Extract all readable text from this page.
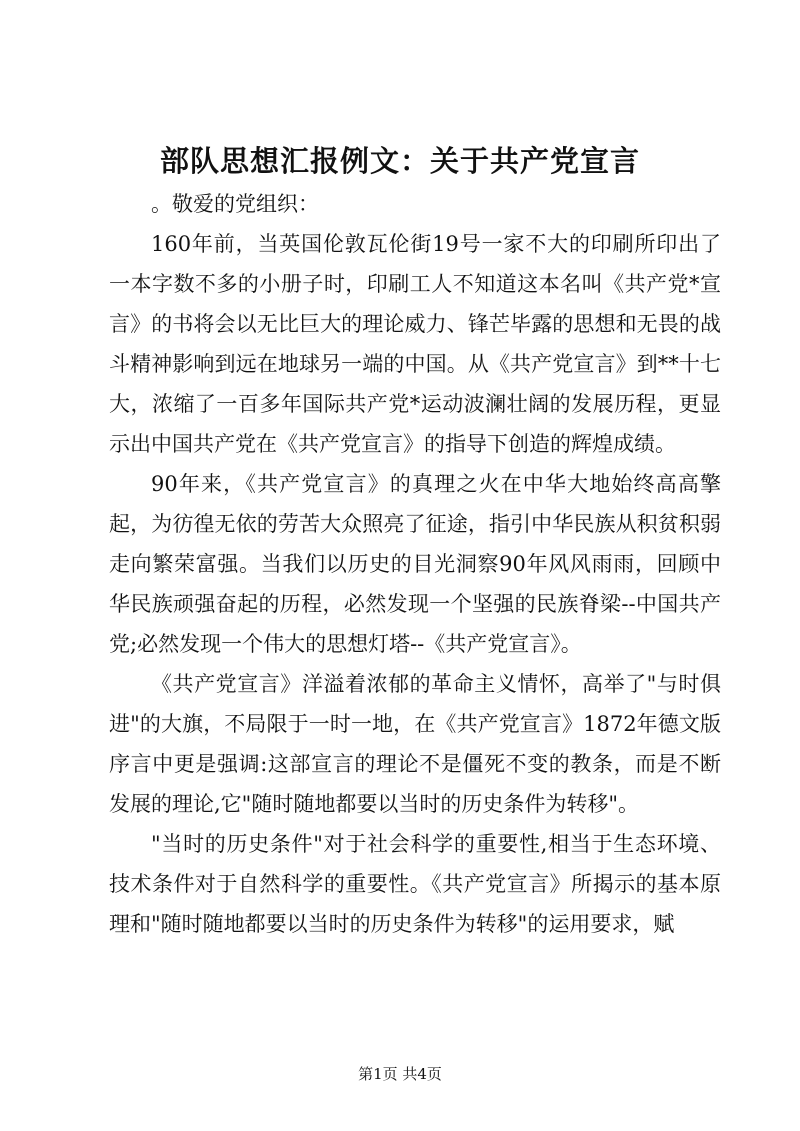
部队思想汇报例文：关于共产党宣言

。敬爱的党组织：

160年前，当英国伦敦瓦伦街19号一家不大的印刷所印出了一本字数不多的小册子时，印刷工人不知道这本名叫《共产党*宣言》的书将会以无比巨大的理论威力、锋芒毕露的思想和无畏的战斗精神影响到远在地球另一端的中国。从《共产党宣言》到**十七大，浓缩了一百多年国际共产党*运动波澜壮阔的发展历程，更显示出中国共产党在《共产党宣言》的指导下创造的辉煌成绩。

90年来，《共产党宣言》的真理之火在中华大地始终高高擎起，为彷徨无依的劳苦大众照亮了征途，指引中华民族从积贫积弱走向繁荣富强。当我们以历史的目光洞察90年风风雨雨，回顾中华民族顽强奋起的历程，必然发现一个坚强的民族脊梁--中国共产党;必然发现一个伟大的思想灯塔--《共产党宣言》。

《共产党宣言》洋溢着浓郁的革命主义情怀，高举了"与时俱进"的大旗，不局限于一时一地，在《共产党宣言》1872年德文版序言中更是强调:这部宣言的理论不是僵死不变的教条，而是不断发展的理论,它"随时随地都要以当时的历史条件为转移"。

"当时的历史条件"对于社会科学的重要性,相当于生态环境、技术条件对于自然科学的重要性。《共产党宣言》所揭示的基本原理和"随时随地都要以当时的历史条件为转移"的运用要求，赋

第1页 共4页
